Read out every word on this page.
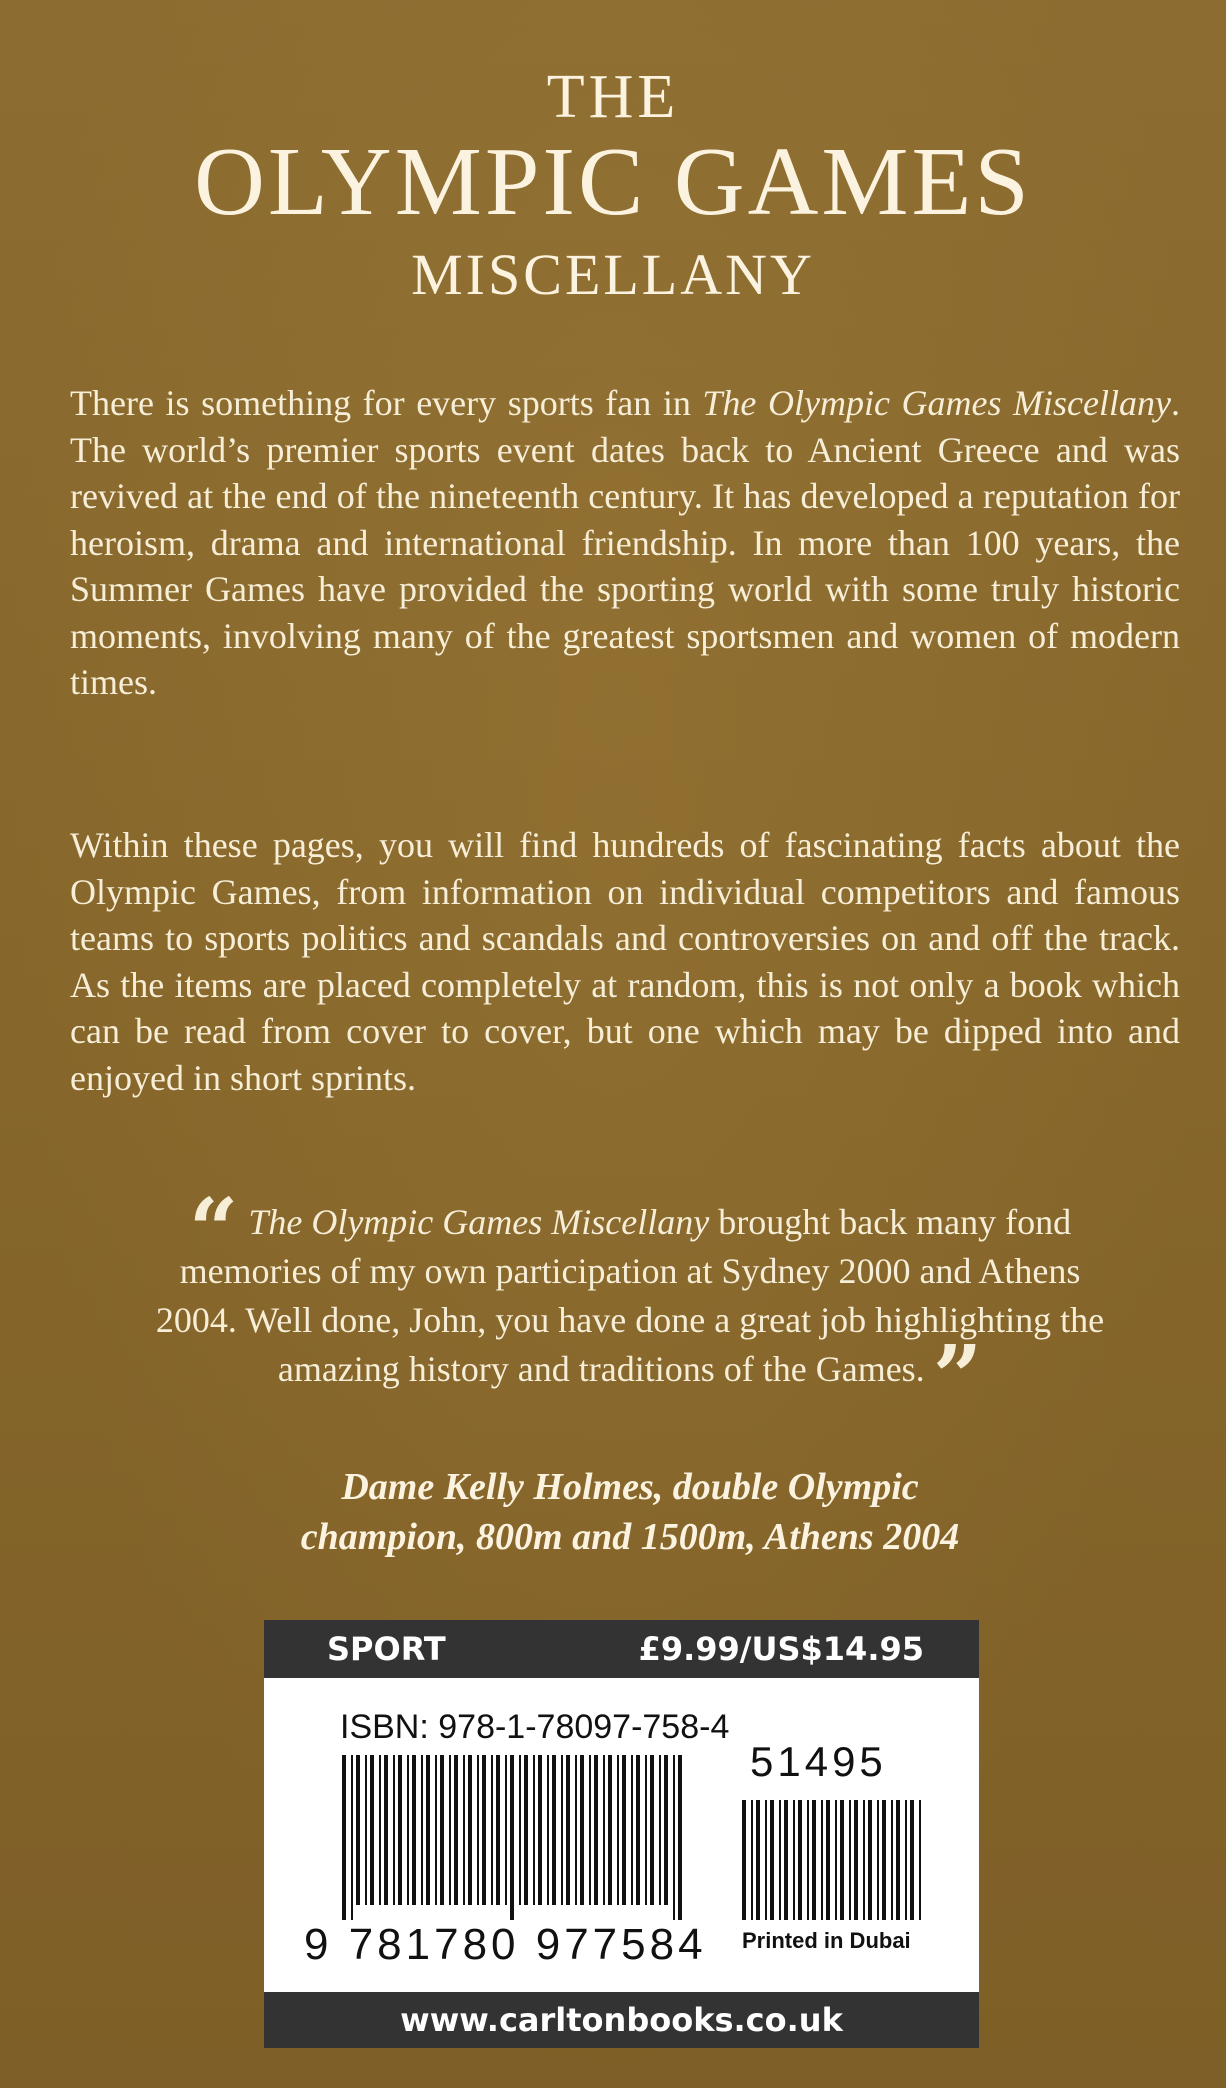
THE
OLYMPIC GAMES
MISCELLANY
There is something for every sports fan in The Olympic Games Miscellany. The world’s premier sports event dates back to Ancient Greece and was revived at the end of the nineteenth century. It has developed a reputation for heroism, drama and international friendship. In more than 100 years, the Summer Games have provided the sporting world with some truly historic moments, involving many of the greatest sportsmen and women of modern times.
Within these pages, you will find hundreds of fascinating facts about the Olympic Games, from information on individual competitors and famous teams to sports politics and scandals and controversies on and off the track. As the items are placed completely at random, this is not only a book which can be read from cover to cover, but one which may be dipped into and enjoyed in short sprints.
“ The Olympic Games Miscellany brought back many fond memories of my own participation at Sydney 2000 and Athens 2004. Well done, John, you have done a great job highlighting the amazing history and traditions of the Games.”
Dame Kelly Holmes, double Olympic
champion, 800m and 1500m, Athens 2004
SPORT	£9.99/US$14.95
ISBN: 978-1-78097-758-4
51495
9 781780 977584 Printed in Dubai
www.carltonbooks.co.uk
